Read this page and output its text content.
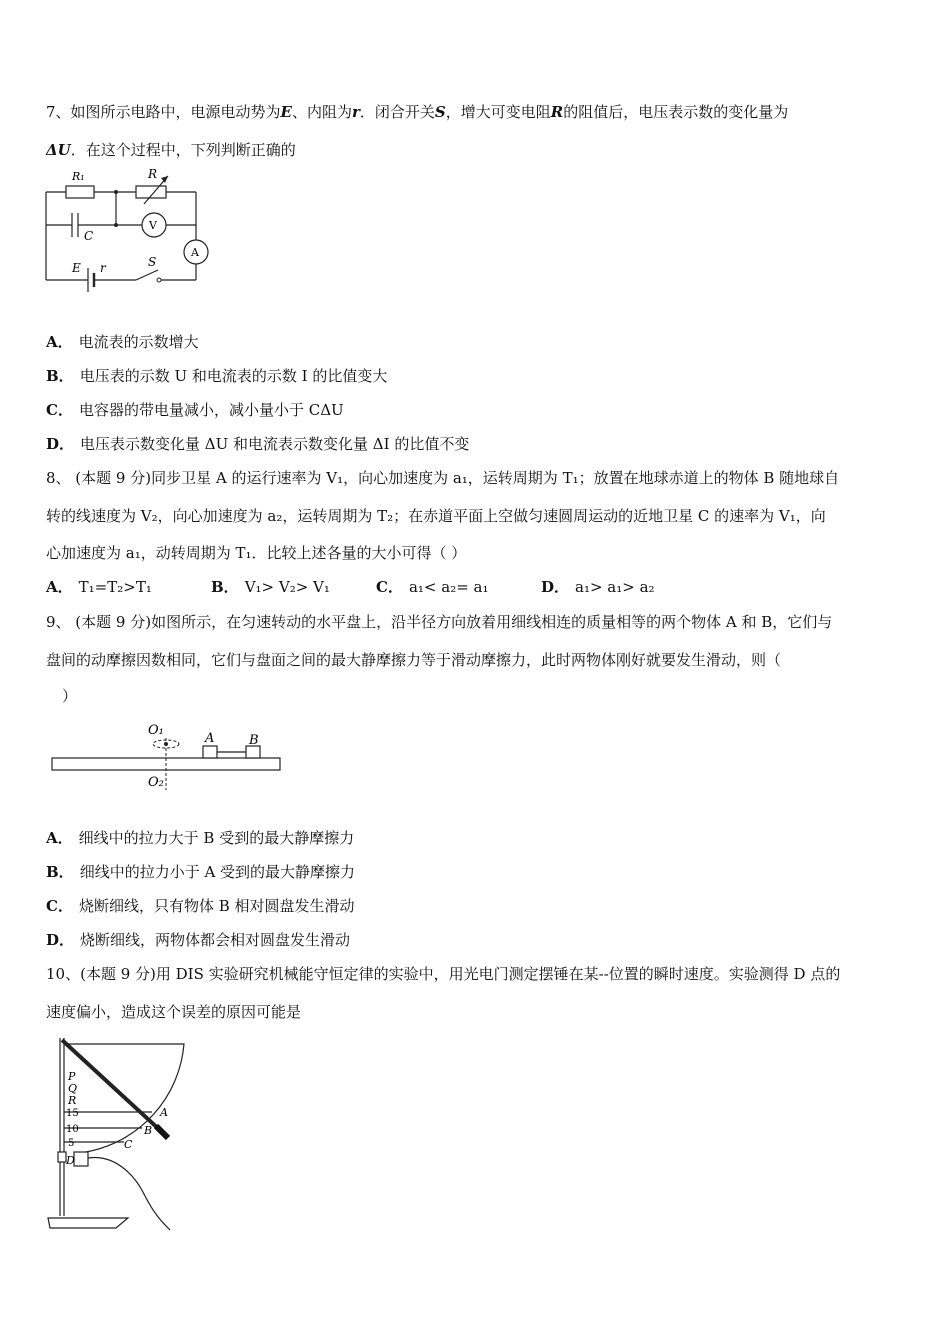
7、如图所示电路中，电源电动势为E、内阻为r．闭合开关S，增大可变电阻R的阻值后，电压表示数的变化量为
ΔU．在这个过程中，下列判断正确的
R₁	R
C
V
A
E r	S
A． 电流表的示数增大
B． 电压表的示数 U 和电流表的示数 I 的比值变大
C． 电容器的带电量减小，减小量小于 CΔU
D． 电压表示数变化量 ΔU 和电流表示数变化量 ΔI 的比值不变
8、 (本题 9 分)同步卫星 A 的运行速率为 V₁，向心加速度为 a₁，运转周期为 T₁；放置在地球赤道上的物体 B 随地球自
转的线速度为 V₂，向心加速度为 a₂，运转周期为 T₂；在赤道平面上空做匀速圆周运动的近地卫星 C 的速率为 V₁，向
心加速度为 a₁，动转周期为 T₁．比较上述各量的大小可得（ ）
A． T₁=T₂>T₁	B． V₁> V₂> V₁	C． a₁< a₂= a₁	D． a₁> a₁> a₂
9、 (本题 9 分)如图所示，在匀速转动的水平盘上，沿半径方向放着用细线相连的质量相等的两个物体 A 和 B，它们与
盘间的动摩擦因数相同，它们与盘面之间的最大静摩擦力等于滑动摩擦力，此时两物体刚好就要发生滑动，则（
）
O₁
O₂
A	B
A． 细线中的拉力大于 B 受到的最大静摩擦力
B． 细线中的拉力小于 A 受到的最大静摩擦力
C． 烧断细线，只有物体 B 相对圆盘发生滑动
D． 烧断细线，两物体都会相对圆盘发生滑动
10、(本题 9 分)用 DIS 实验研究机械能守恒定律的实验中，用光电门测定摆锤在某--位置的瞬时速度。实验测得 D 点的
速度偏小，造成这个误差的原因可能是
P
Q
R
15
10
5
A
B
C
D
